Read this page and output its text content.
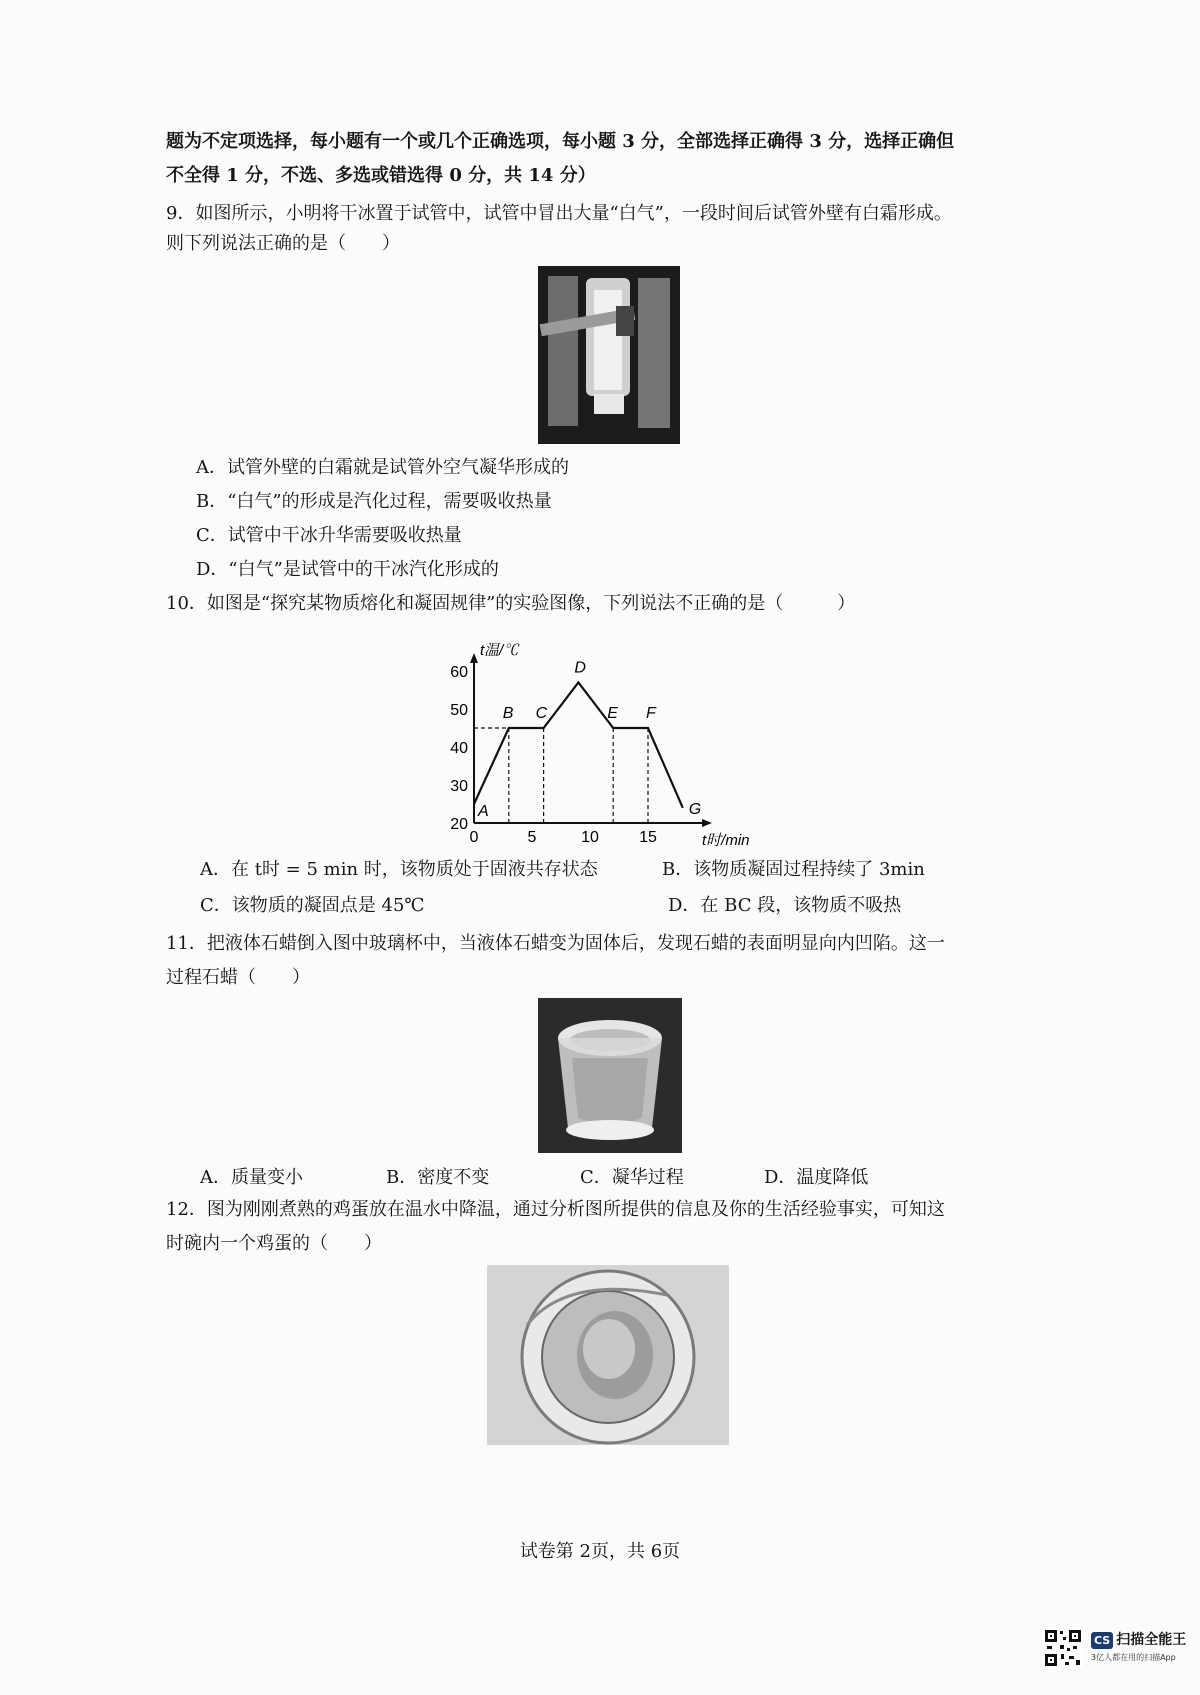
题为不定项选择，每小题有一个或几个正确选项，每小题 3 分，全部选择正确得 3 分，选择正确但
不全得 1 分，不选、多选或错选得 0 分，共 14 分）
9．如图所示，小明将干冰置于试管中，试管中冒出大量“白气”，一段时间后试管外壁有白霜形成。
则下列说法正确的是（　　）
A．试管外壁的白霜就是试管外空气凝华形成的
B．“白气”的形成是汽化过程，需要吸收热量
C．试管中干冰升华需要吸收热量
D．“白气”是试管中的干冰汽化形成的
10．如图是“探究某物质熔化和凝固规律”的实验图像，下列说法不正确的是（　　　）
20
30
40
50
60
0	5	10	15
t温/℃
t时/min
A
B C
D
E F
G
A．在 t时 = 5 min 时，该物质处于固液共存状态	B．该物质凝固过程持续了 3min
C．该物质的凝固点是 45℃	D．在 BC 段，该物质不吸热
11．把液体石蜡倒入图中玻璃杯中，当液体石蜡变为固体后，发现石蜡的表面明显向内凹陷。这一
过程石蜡（　　）
A．质量变小	B．密度不变	C．凝华过程	D．温度降低
12．图为刚刚煮熟的鸡蛋放在温水中降温，通过分析图所提供的信息及你的生活经验事实，可知这
时碗内一个鸡蛋的（　　）
试卷第 2页，共 6页
CS 扫描全能王
3亿人都在用的扫描App
